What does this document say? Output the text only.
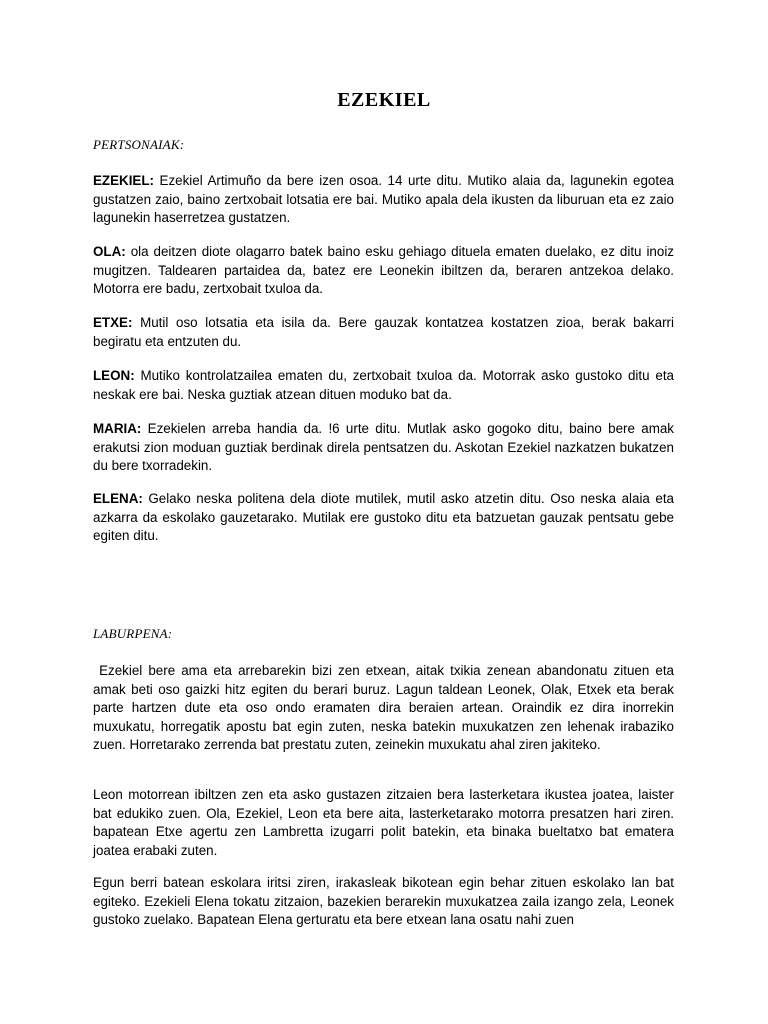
EZEKIEL

PERTSONAIAK:

EZEKIEL: Ezekiel Artimuño da bere izen osoa. 14 urte ditu. Mutiko alaia da, lagunekin egotea gustatzen zaio, baino zertxobait lotsatia ere bai. Mutiko apala dela ikusten da liburuan eta ez zaio lagunekin haserretzea gustatzen.

OLA: ola deitzen diote olagarro batek baino esku gehiago dituela ematen duelako, ez ditu inoiz mugitzen. Taldearen partaidea da, batez ere Leonekin ibiltzen da, beraren antzekoa delako. Motorra ere badu, zertxobait txuloa da.

ETXE: Mutil oso lotsatia eta isila da. Bere gauzak kontatzea kostatzen zioa, berak bakarri begiratu eta entzuten du.

LEON: Mutiko kontrolatzailea ematen du, zertxobait txuloa da. Motorrak asko gustoko ditu eta neskak ere bai. Neska guztiak atzean dituen moduko bat da.

MARIA: Ezekielen arreba handia da. !6 urte ditu. Mutlak asko gogoko ditu, baino bere amak erakutsi zion moduan guztiak berdinak direla pentsatzen du. Askotan Ezekiel nazkatzen bukatzen du bere txorradekin.

ELENA: Gelako neska politena dela diote mutilek, mutil asko atzetin ditu. Oso neska alaia eta azkarra da eskolako gauzetarako. Mutilak ere gustoko ditu eta batzuetan gauzak pentsatu gebe egiten ditu.

LABURPENA:

Ezekiel bere ama eta arrebarekin bizi zen etxean, aitak txikia zenean abandonatu zituen eta amak beti oso gaizki hitz egiten du berari buruz. Lagun taldean Leonek, Olak, Etxek eta berak parte hartzen dute eta oso ondo eramaten dira beraien artean. Oraindik ez dira inorrekin muxukatu, horregatik apostu bat egin zuten, neska batekin muxukatzen zen lehenak irabaziko zuen. Horretarako zerrenda bat prestatu zuten, zeinekin muxukatu ahal ziren jakiteko.

Leon motorrean ibiltzen zen eta asko gustazen zitzaien bera lasterketara ikustea joatea, laister bat edukiko zuen. Ola, Ezekiel, Leon eta bere aita, lasterketarako motorra presatzen hari ziren. bapatean Etxe agertu zen Lambretta izugarri polit batekin, eta binaka bueltatxo bat ematera joatea erabaki zuten.

Egun berri batean eskolara iritsi ziren, irakasleak bikotean egin behar zituen eskolako lan bat egiteko. Ezekieli Elena tokatu zitzaion, bazekien berarekin muxukatzea zaila izango zela, Leonek gustoko zuelako. Bapatean Elena gerturatu eta bere etxean lana osatu nahi zuen
